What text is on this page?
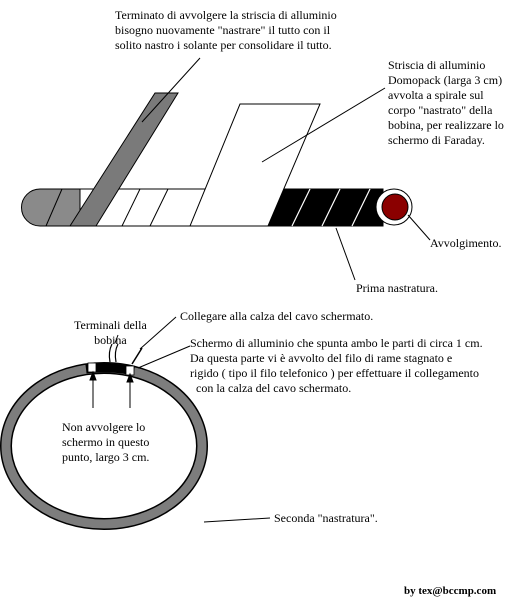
Terminato di avvolgere la striscia di alluminio
bisogno nuovamente "nastrare" il tutto con il
solito nastro i solante per consolidare il tutto.
Striscia di alluminio
Domopack (larga 3 cm)
avvolta a spirale sul
corpo "nastrato" della
bobina, per realizzare lo
schermo di Faraday.
Avvolgimento.
Prima nastratura.
Collegare alla calza del cavo schermato.
Terminali della
bobina	Schermo di alluminio che spunta ambo le parti di circa 1 cm.
Da questa parte vi è avvolto del filo di rame stagnato e
rigido ( tipo il filo telefonico ) per effettuare il collegamento
con la calza del cavo schermato.
Non avvolgere lo
schermo in questo
punto, largo 3 cm.
Seconda "nastratura".
by tex@bccmp.com
